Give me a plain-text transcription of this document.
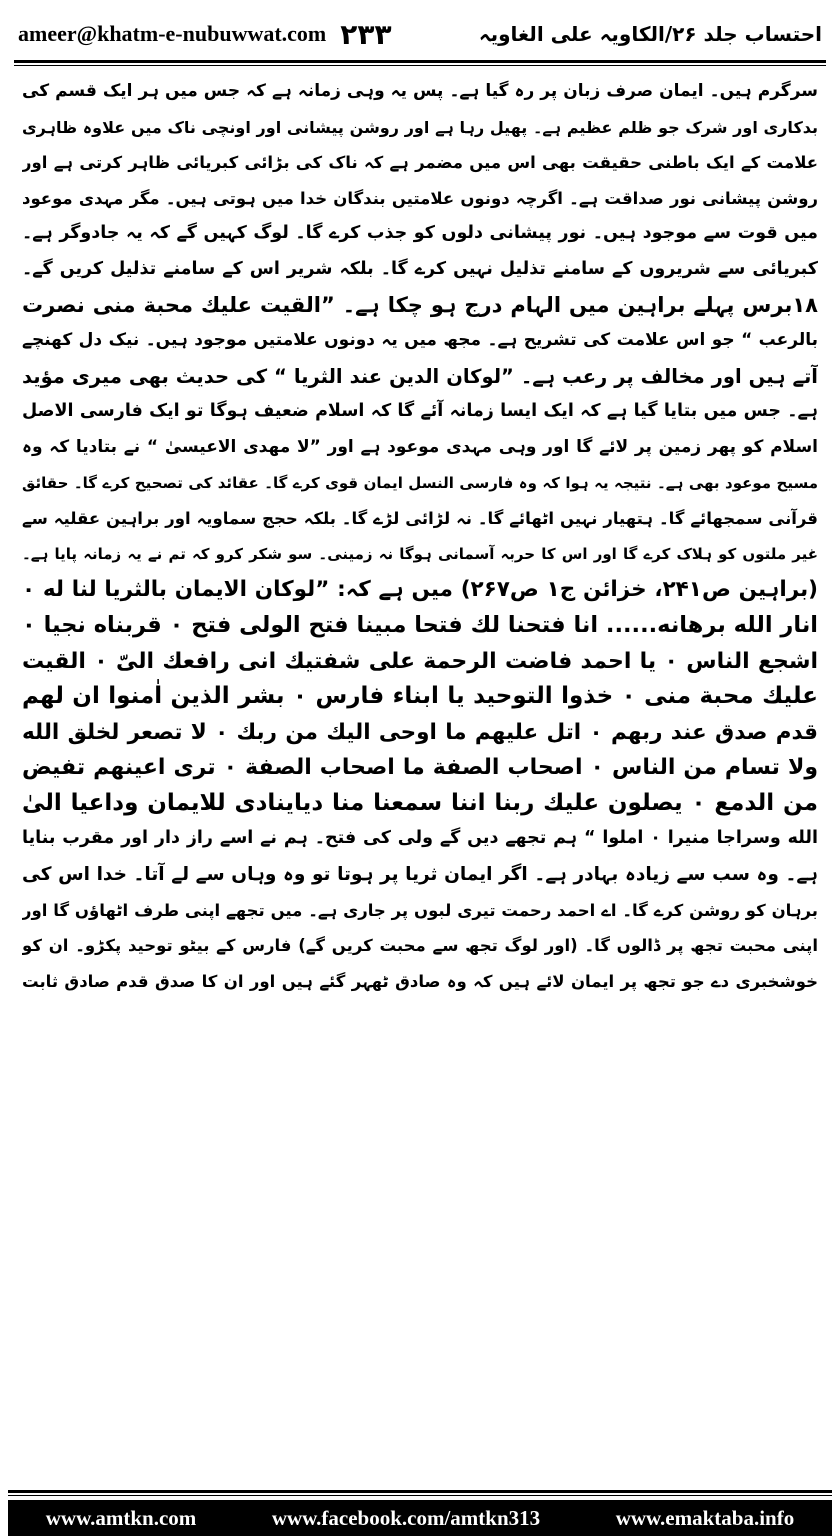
ameer@khatm-e-nubuwwat.com ۲۳۳	احتساب جلد ۲۶/الکاویہ علی الغاویہ
سرگرم ہیں۔ ایمان صرف زبان پر رہ گیا ہے۔ پس یہ وہی زمانہ ہے کہ جس میں ہر ایک قسم کی
بدکاری اور شرک جو ظلم عظیم ہے۔ پھیل رہا ہے اور روشن پیشانی اور اونچی ناک میں علاوہ ظاہری
علامت کے ایک باطنی حقیقت بھی اس میں مضمر ہے کہ ناک کی بڑائی کبریائی ظاہر کرتی ہے اور
روشن پیشانی نور صداقت ہے۔ اگرچہ دونوں علامتیں بندگان خدا میں ہوتی ہیں۔ مگر مہدی موعود
میں قوت سے موجود ہیں۔ نور پیشانی دلوں کو جذب کرے گا۔ لوگ کہیں گے کہ یہ جادوگر ہے۔
کبریائی سے شریروں کے سامنے تذلیل نہیں کرے گا۔ بلکہ شریر اس کے سامنے تذلیل کریں گے۔
۱۸برس پہلے براہین میں الہام درج ہو چکا ہے۔ ”القیت علیك محبة منی نصرت
بالرعب “ جو اس علامت کی تشریح ہے۔ مجھ میں یہ دونوں علامتیں موجود ہیں۔ نیک دل کھنچے
آتے ہیں اور مخالف پر رعب ہے۔ ”لوکان الدین عند الثریا “ کی حدیث بھی میری مؤید
ہے۔ جس میں بتایا گیا ہے کہ ایک ایسا زمانہ آئے گا کہ اسلام ضعیف ہوگا تو ایک فارسی الاصل
اسلام کو پھر زمین پر لائے گا اور وہی مہدی موعود ہے اور ”لا مهدی الاعیسیٰ “ نے بتادیا کہ وہ
مسیح موعود بھی ہے۔ نتیجہ یہ ہوا کہ وہ فارسی النسل ایمان قوی کرے گا۔ عقائد کی تصحیح کرے گا۔ حقائق
قرآنی سمجھائے گا۔ ہتھیار نہیں اٹھائے گا۔ نہ لڑائی لڑے گا۔ بلکہ حجج سماویہ اور براہین عقلیہ سے
غیر ملتوں کو ہلاک کرے گا اور اس کا حربہ آسمانی ہوگا نہ زمینی۔ سو شکر کرو کہ تم نے یہ زمانہ پایا ہے۔
(براہین ص۲۴۱، خزائن ج۱ ص۲۶۷) میں ہے کہ: ”لوکان الایمان بالثریا لنا له ۰
انار الله برهانه...... انا فتحنا لك فتحا مبینا فتح الولی فتح ۰ قربناه نجیا ۰
اشجع الناس ۰ یا احمد فاضت الرحمة علی شفتیك انی رافعك الیّ ۰ القیت
علیك محبة منی ۰ خذوا التوحید یا ابناء فارس ۰ بشر الذین اٰمنوا ان لهم
قدم صدق عند ربهم ۰ اتل علیهم ما اوحی الیك من ربك ۰ لا تصعر لخلق الله
ولا تسام من الناس ۰ اصحاب الصفة ما اصحاب الصفة ۰ تری اعینهم تفیض
من الدمع ۰ یصلون علیك ربنا اننا سمعنا منا دیاینادی للایمان وداعیا الیٰ
الله وسراجا منیرا ۰ املوا “ ہم تجھے دیں گے ولی کی فتح۔ ہم نے اسے راز دار اور مقرب بنایا
ہے۔ وہ سب سے زیادہ بہادر ہے۔ اگر ایمان ثریا پر ہوتا تو وہ وہاں سے لے آتا۔ خدا اس کی
برہان کو روشن کرے گا۔ اے احمد رحمت تیری لبوں پر جاری ہے۔ میں تجھے اپنی طرف اٹھاؤں گا اور
اپنی محبت تجھ پر ڈالوں گا۔ (اور لوگ تجھ سے محبت کریں گے) فارس کے بیٹو توحید پکڑو۔ ان کو
خوشخبری دے جو تجھ پر ایمان لائے ہیں کہ وہ صادق ٹھہر گئے ہیں اور ان کا صدق قدم صادق ثابت
www.amtkn.com	www.facebook.com/amtkn313	www.emaktaba.info
